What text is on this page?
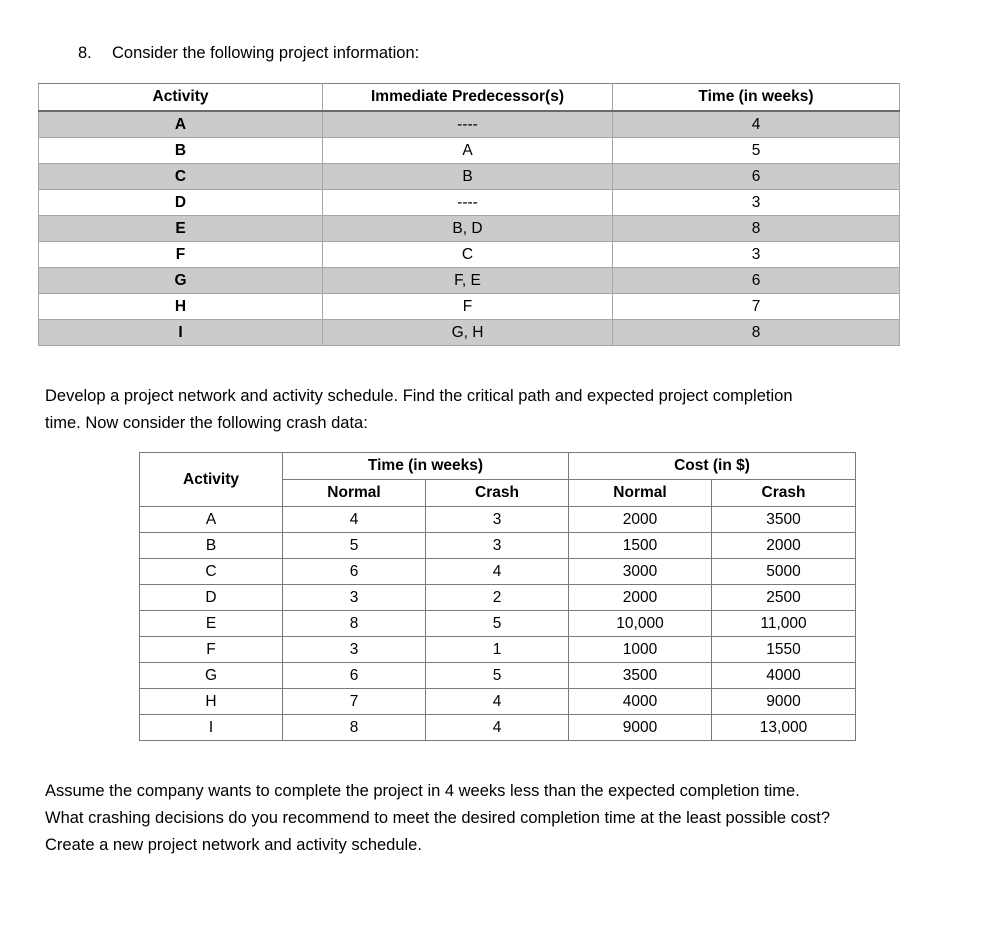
8.	Consider the following project information:
Activity	Immediate Predecessor(s)	Time (in weeks)
A	----	4
B	A	5
C	B	6
D	----	3
E	B, D	8
F	C	3
G	F, E	6
H	F	7
I	G, H	8
Develop a project network and activity schedule. Find the critical path and expected project completion
time. Now consider the following crash data:
Activity	Time (in weeks)		Cost (in $)	
	Normal	Crash	Normal	Crash
A	4	3	2000	3500
B	5	3	1500	2000
C	6	4	3000	5000
D	3	2	2000	2500
E	8	5	10,000	11,000
F	3	1	1000	1550
G	6	5	3500	4000
H	7	4	4000	9000
I	8	4	9000	13,000
Assume the company wants to complete the project in 4 weeks less than the expected completion time.
What crashing decisions do you recommend to meet the desired completion time at the least possible cost?
Create a new project network and activity schedule.
